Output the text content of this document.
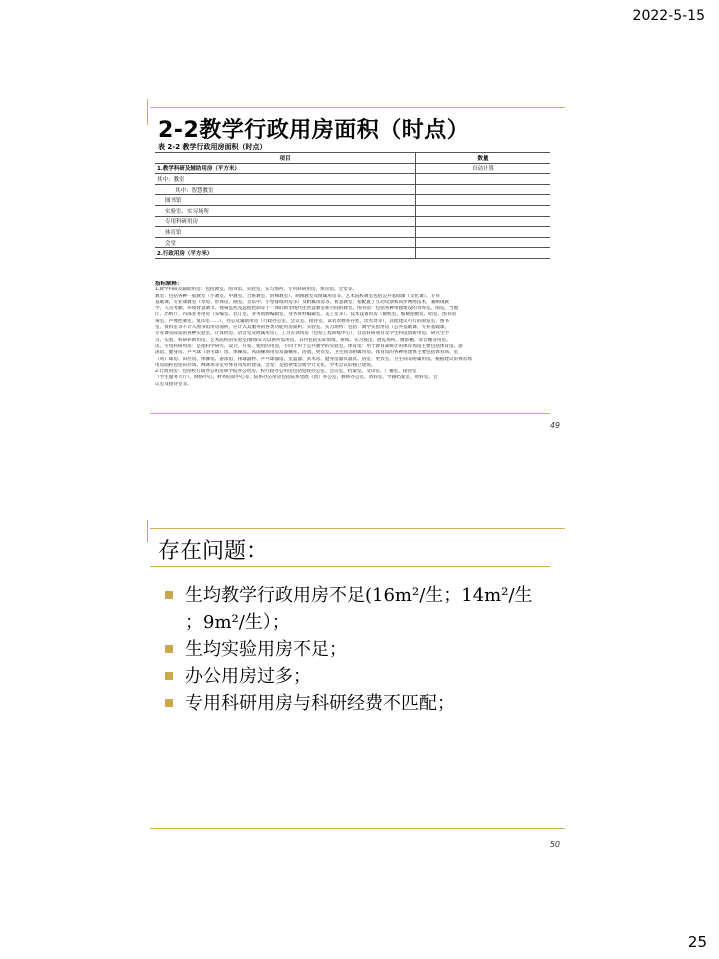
2022-5-15
2-2教学行政用房面积（时点）
表 2-2 教学行政用房面积（时点）
项目	数量
1.教学科研及辅助用房（平方米）	自动计算
其中：教室	
其中：智慧教室	
图书馆	
实验室、实习场所	
专用科研用房	
体育馆	
会堂	
2.行政用房（平方米）	

指标解释：

1.教学科研及辅助用房：包括教室、图书馆、实验室、实习场所、专用科研用房、体育馆、会堂等。

教室：包括各种一般教室（小教室、中教室、合班教室、阶梯教室）、制图教室及附属用房等。艺术院校教室包括公共基础课（文化课）、专业

基础课、专业课教室（琴房、形体房、画室、音乐中、小型排练用房等）及附属用房等。智慧教室：指配置了互动反馈和同步网络技术，兼顾现教

学、人员考勤、环境智慧调节、视频监控及远程控制等于一体的新型现代化智慧教室和空间的教室。图书馆：包括各种单独建设的书库室、阅览、当地

厅、出纳厅、内部业务用房（采编室、装订室、业务资源编辑室、业务资料编辑室、美工室等），技术设备用房（微机室、缩微拍摄室、暗室、图书消

毒室、声像控制室、复印室……），办公及辅助用房（行政办公室、会议室、接待室、读者衣物寄存处、饮水处等），其他建议可行的阅览室、图书

室、资料室等不计入图书馆用房面积，应计入其服务的各类功能用房面积。实验室、实习场所：包括：教学实验用房（公共基础课、专业基础课、

专业课实际需的各种实验室、计算机房、语音室及附属用房），工习实训用房（包括工程训练中心），自选科研项目及学生科技创新用房，研究生学

习、实验、科研补助用房，艺术院校的实验室/排练实习以供所需用房，其内包括实际情境、排练、实习演出、展览场所、摄影棚、录音棚等用房。

房。专用科研用房：是指科学研究、设计、开发、使用的用房，不同于用于公共教学的实验室。体育馆：用于教育部统计的体育场馆主要包括体育馆、游

泳馆、健身房、乒乓球（羽毛球）房、体操房、风雨操场用房及器械库、浴池、更衣室、卫生间等附属用房。体育馆的各种用建体主要包括体育场、室

（风）球房、田径馆、体操馆、游泳馆、排球器材、乒乓球器馆、室篮器、武术房、健身房器具器具、浴室、更衣室、卫生间等附属用房。根据建议的体育场

用房面积包括田径场、网球场等室外体育用房的建设。会堂：是指供集会或学行文化、学术会议的独立建筑。

2.行政用房：包括校行政办公用房和学院办公用房。校行政办公用房包括党政办公室、会议室、档案室、文印室、广播室、接待室

（学生服务大厅）、网络中心、财务结算中心等。院系办公用房包括院系党政（团）办公室、教师办公室、资料室、学籍档案室、资料室、会

议室及接待室等。

49
存在问题：
生均教学行政用房不足(16m²/生；14m²/生
；9m²/生）；
生均实验用房不足；
办公用房过多；
专用科研用房与科研经费不匹配；
50
25
